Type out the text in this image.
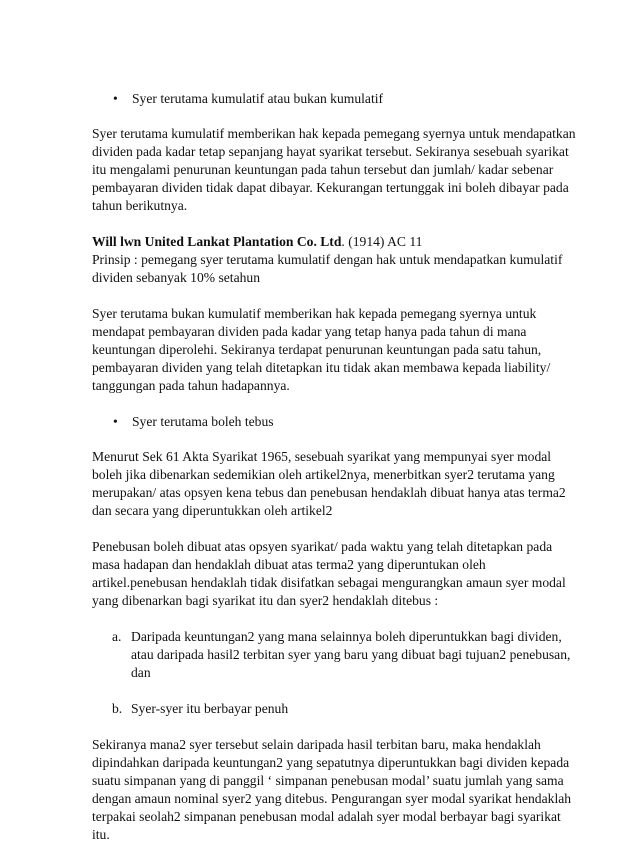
• Syer terutama kumulatif atau bukan kumulatif

Syer terutama kumulatif memberikan hak kepada pemegang syernya untuk mendapatkan
dividen pada kadar tetap sepanjang hayat syarikat tersebut. Sekiranya sesebuah syarikat
itu mengalami penurunan keuntungan pada tahun tersebut dan jumlah/ kadar sebenar
pembayaran dividen tidak dapat dibayar. Kekurangan tertunggak ini boleh dibayar pada
tahun berikutnya.

Will lwn United Lankat Plantation Co. Ltd. (1914) AC 11
Prinsip : pemegang syer terutama kumulatif dengan hak untuk mendapatkan kumulatif
dividen sebanyak 10% setahun

Syer terutama bukan kumulatif memberikan hak kepada pemegang syernya untuk
mendapat pembayaran dividen pada kadar yang tetap hanya pada tahun di mana
keuntungan diperolehi. Sekiranya terdapat penurunan keuntungan pada satu tahun,
pembayaran dividen yang telah ditetapkan itu tidak akan membawa kepada liability/
tanggungan pada tahun hadapannya.

• Syer terutama boleh tebus

Menurut Sek 61 Akta Syarikat 1965, sesebuah syarikat yang mempunyai syer modal
boleh jika dibenarkan sedemikian oleh artikel2nya, menerbitkan syer2 terutama yang
merupakan/ atas opsyen kena tebus dan penebusan hendaklah dibuat hanya atas terma2
dan secara yang diperuntukkan oleh artikel2

Penebusan boleh dibuat atas opsyen syarikat/ pada waktu yang telah ditetapkan pada
masa hadapan dan hendaklah dibuat atas terma2 yang diperuntukan oleh
artikel.penebusan hendaklah tidak disifatkan sebagai mengurangkan amaun syer modal
yang dibenarkan bagi syarikat itu dan syer2 hendaklah ditebus :

a. Daripada keuntungan2 yang mana selainnya boleh diperuntukkan bagi dividen,
atau daripada hasil2 terbitan syer yang baru yang dibuat bagi tujuan2 penebusan,
dan

b. Syer-syer itu berbayar penuh

Sekiranya mana2 syer tersebut selain daripada hasil terbitan baru, maka hendaklah
dipindahkan daripada keuntungan2 yang sepatutnya diperuntukkan bagi dividen kepada
suatu simpanan yang di panggil ‘ simpanan penebusan modal’ suatu jumlah yang sama
dengan amaun nominal syer2 yang ditebus. Pengurangan syer modal syarikat hendaklah
terpakai seolah2 simpanan penebusan modal adalah syer modal berbayar bagi syarikat
itu.
